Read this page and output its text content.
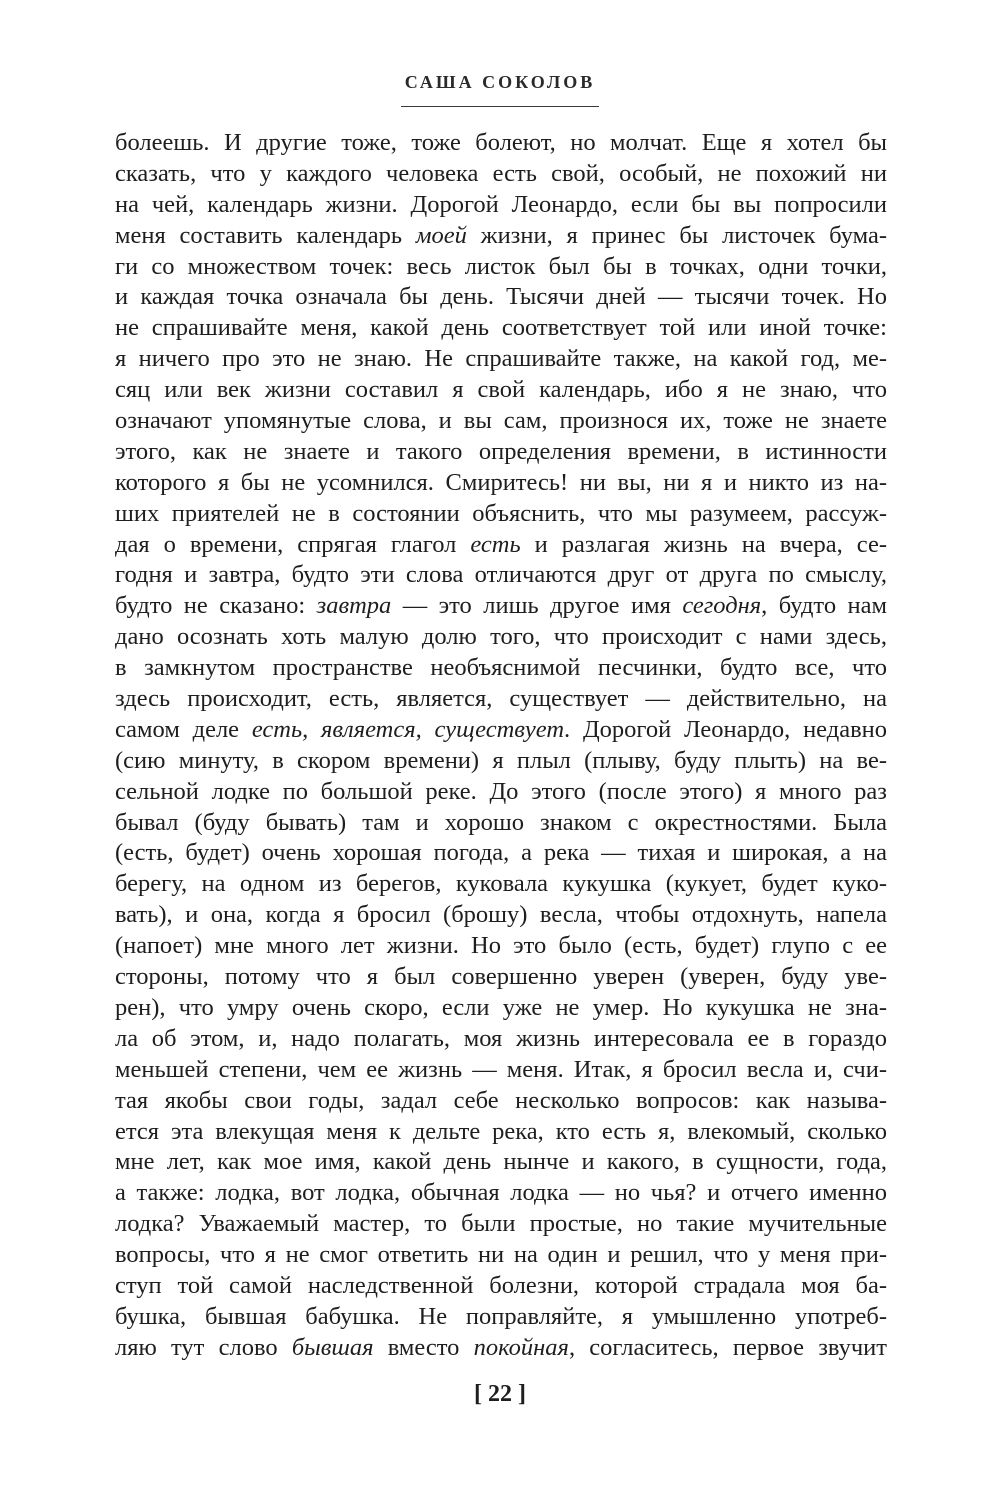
САША СОКОЛОВ
болеешь. И другие тоже, тоже болеют, но молчат. Еще я хотел бы
сказать, что у каждого человека есть свой, особый, не похожий ни
на чей, календарь жизни. Дорогой Леонардо, если бы вы попросили
меня составить календарь моей жизни, я принес бы листочек бума-
ги со множеством точек: весь листок был бы в точках, одни точки,
и каждая точка означала бы день. Тысячи дней — тысячи точек. Но
не спрашивайте меня, какой день соответствует той или иной точке:
я ничего про это не знаю. Не спрашивайте также, на какой год, ме-
сяц или век жизни составил я свой календарь, ибо я не знаю, что
означают упомянутые слова, и вы сам, произнося их, тоже не знаете
этого, как не знаете и такого определения времени, в истинности
которого я бы не усомнился. Смиритесь! ни вы, ни я и никто из на-
ших приятелей не в состоянии объяснить, что мы разумеем, рассуж-
дая о времени, спрягая глагол есть и разлагая жизнь на вчера, се-
годня и завтра, будто эти слова отличаются друг от друга по смыслу,
будто не сказано: завтра — это лишь другое имя сегодня, будто нам
дано осознать хоть малую долю того, что происходит с нами здесь,
в замкнутом пространстве необъяснимой песчинки, будто все, что
здесь происходит, есть, является, существует — действительно, на
самом деле есть, является, существует. Дорогой Леонардо, недавно
(сию минуту, в скором времени) я плыл (плыву, буду плыть) на ве-
сельной лодке по большой реке. До этого (после этого) я много раз
бывал (буду бывать) там и хорошо знаком с окрестностями. Была
(есть, будет) очень хорошая погода, а река — тихая и широкая, а на
берегу, на одном из берегов, куковала кукушка (кукует, будет куко-
вать), и она, когда я бросил (брошу) весла, чтобы отдохнуть, напела
(напоет) мне много лет жизни. Но это было (есть, будет) глупо с ее
стороны, потому что я был совершенно уверен (уверен, буду уве-
рен), что умру очень скоро, если уже не умер. Но кукушка не зна-
ла об этом, и, надо полагать, моя жизнь интересовала ее в гораздо
меньшей степени, чем ее жизнь — меня. Итак, я бросил весла и, счи-
тая якобы свои годы, задал себе несколько вопросов: как называ-
ется эта влекущая меня к дельте река, кто есть я, влекомый, сколько
мне лет, как мое имя, какой день нынче и какого, в сущности, года,
а также: лодка, вот лодка, обычная лодка — но чья? и отчего именно
лодка? Уважаемый мастер, то были простые, но такие мучительные
вопросы, что я не смог ответить ни на один и решил, что у меня при-
ступ той самой наследственной болезни, которой страдала моя ба-
бушка, бывшая бабушка. Не поправляйте, я умышленно употреб-
ляю тут слово бывшая вместо покойная, согласитесь, первое звучит
[ 22 ]
